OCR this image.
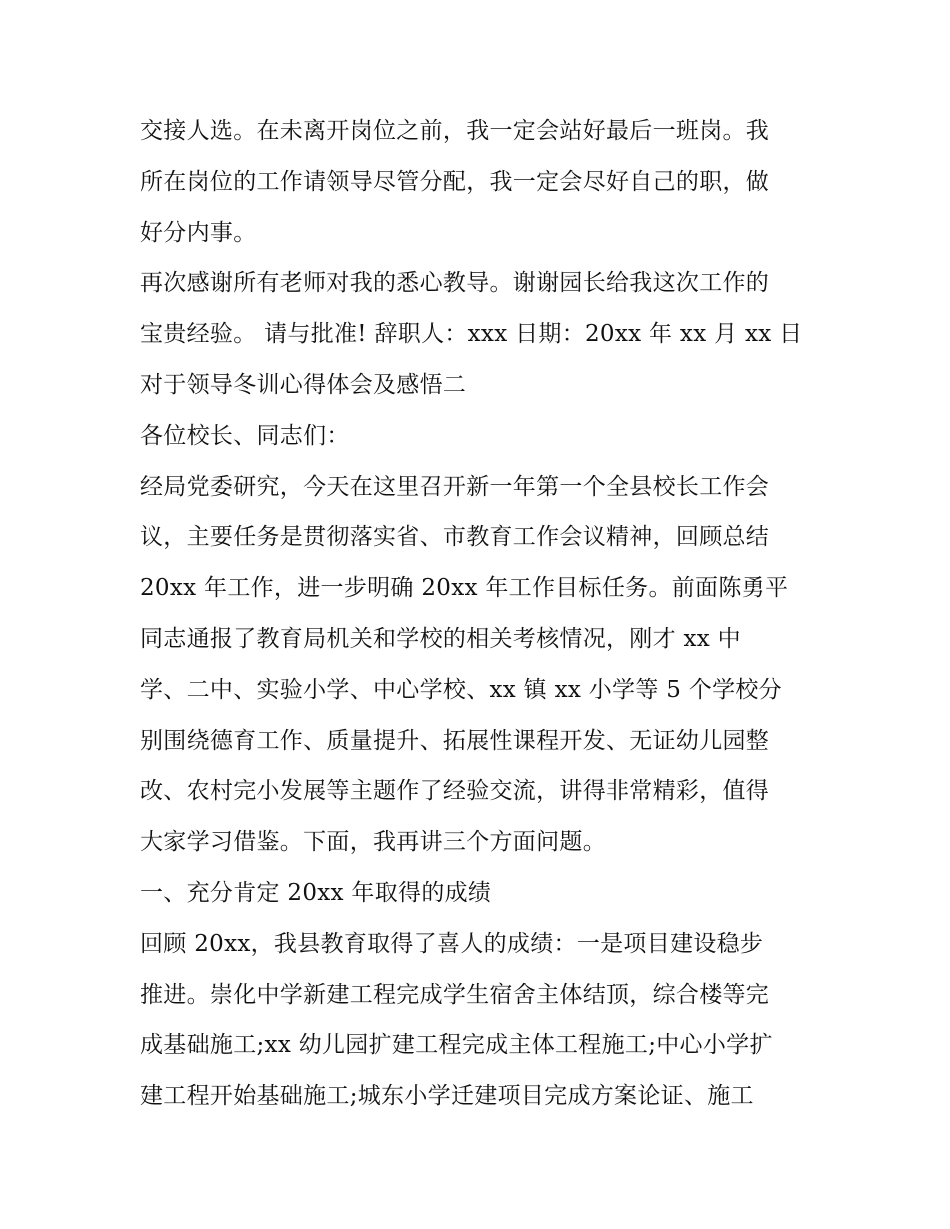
交接人选。在未离开岗位之前，我一定会站好最后一班岗。我
所在岗位的工作请领导尽管分配，我一定会尽好自己的职，做
好分内事。
再次感谢所有老师对我的悉心教导。谢谢园长给我这次工作的
宝贵经验。 请与批准! 辞职人：xxx 日期：20xx 年 xx 月 xx 日
对于领导冬训心得体会及感悟二
各位校长、同志们：
经局党委研究，今天在这里召开新一年第一个全县校长工作会
议，主要任务是贯彻落实省、市教育工作会议精神，回顾总结
20xx 年工作，进一步明确 20xx 年工作目标任务。前面陈勇平
同志通报了教育局机关和学校的相关考核情况，刚才 xx 中
学、二中、实验小学、中心学校、xx 镇 xx 小学等 5 个学校分
别围绕德育工作、质量提升、拓展性课程开发、无证幼儿园整
改、农村完小发展等主题作了经验交流，讲得非常精彩，值得
大家学习借鉴。下面，我再讲三个方面问题。
一、充分肯定 20xx 年取得的成绩
回顾 20xx，我县教育取得了喜人的成绩：一是项目建设稳步
推进。崇化中学新建工程完成学生宿舍主体结顶，综合楼等完
成基础施工;xx 幼儿园扩建工程完成主体工程施工;中心小学扩
建工程开始基础施工;城东小学迁建项目完成方案论证、施工
